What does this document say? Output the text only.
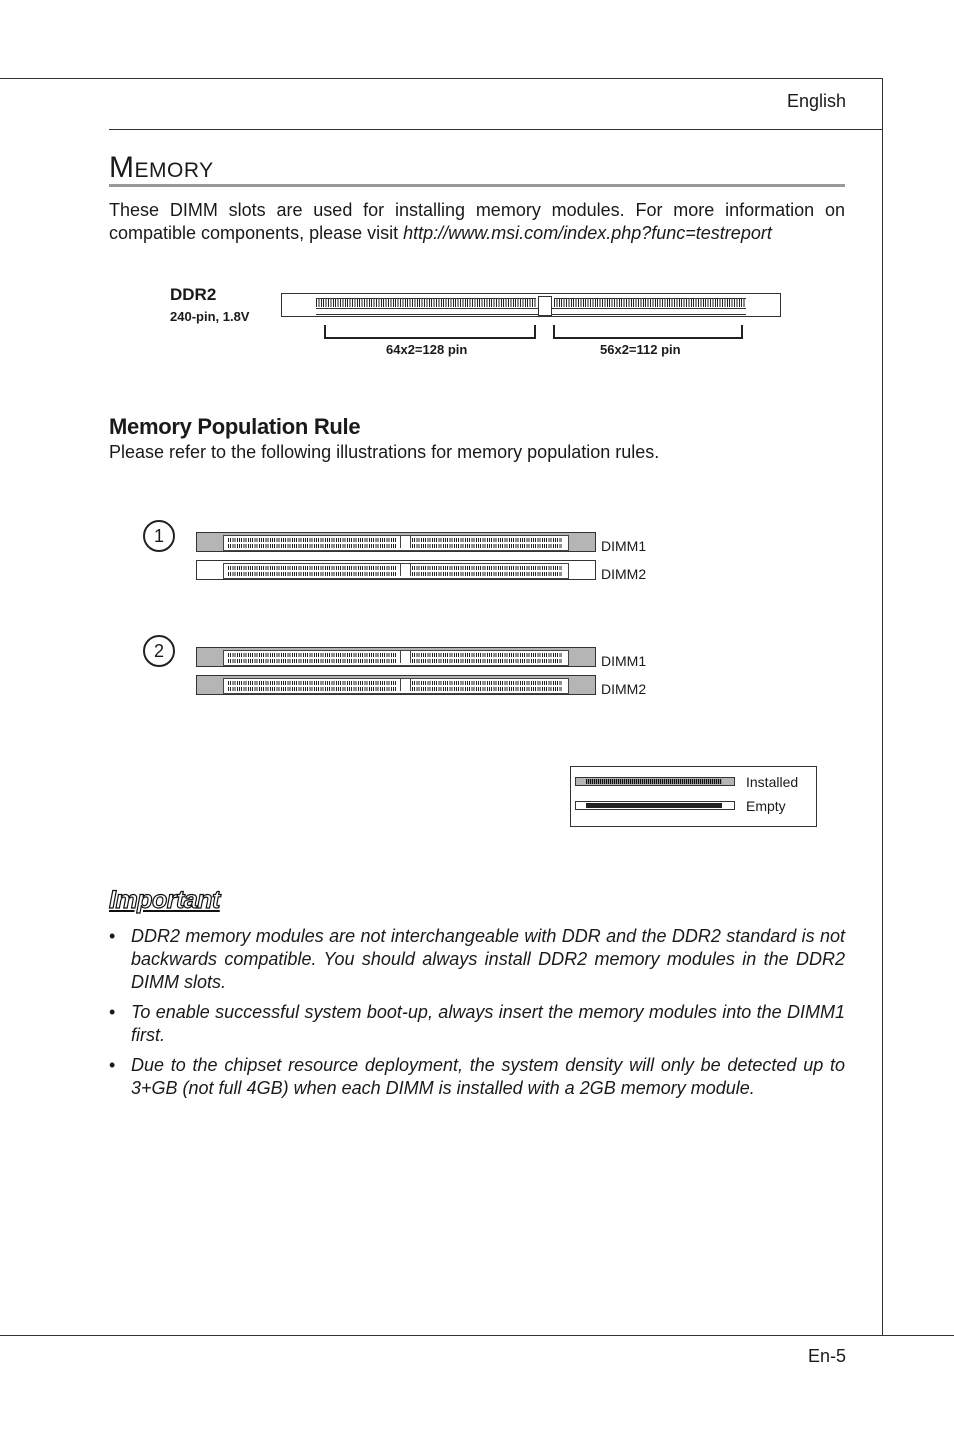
English
MEMORY
These DIMM slots are used for installing memory modules. For more information on compatible components, please visit http://www.msi.com/index.php?func=testreport
DDR2
240-pin, 1.8V
64x2=128 pin	56x2=112 pin
Memory Population Rule
Please refer to the following illustrations for memory population rules.
1	DIMM1
DIMM2
2	DIMM1
DIMM2
Installed
Empty
Important
• DDR2 memory modules are not interchangeable with DDR and the DDR2 standard is not backwards compatible. You should always install DDR2 memory modules in the DDR2 DIMM slots.
• To enable successful system boot-up, always insert the memory modules into the DIMM1 first.
• Due to the chipset resource deployment, the system density will only be detected up to 3+GB (not full 4GB) when each DIMM is installed with a 2GB memory module.
En-5
